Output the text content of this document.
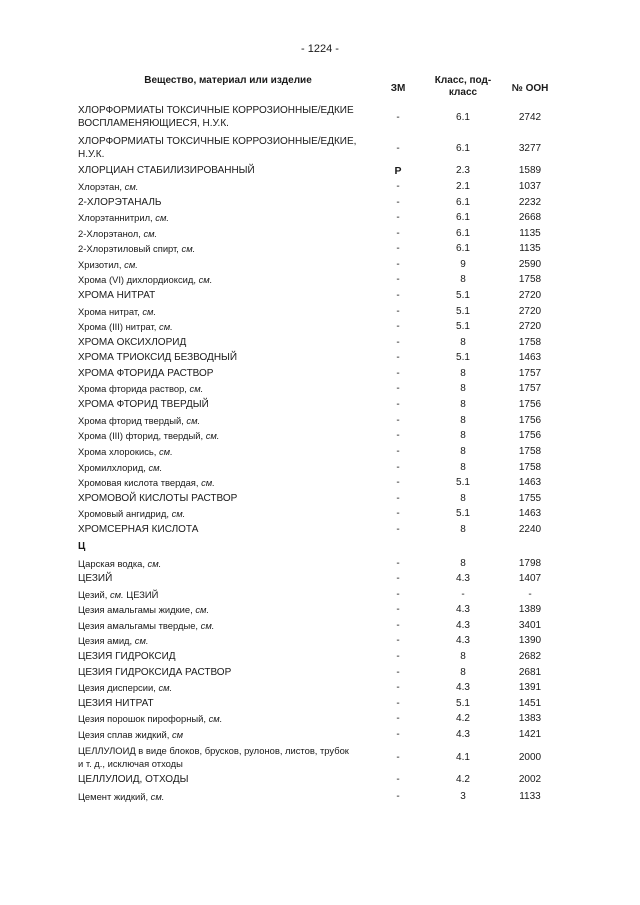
- 1224 -
Вещество, материал или изделие
ЗМ
Класс, под-
класс	№ ООН
Ц
ХЛОРФОРМИАТЫ ТОКСИЧНЫЕ КОРРОЗИОННЫЕ/ЕДКИЕ
ВОСПЛАМЕНЯЮЩИЕСЯ, Н.У.К.
-	6.1	2742
ХЛОРФОРМИАТЫ ТОКСИЧНЫЕ КОРРОЗИОННЫЕ/ЕДКИЕ,
Н.У.К.
-	6.1	3277
ХЛОРЦИАН СТАБИЛИЗИРОВАННЫЙ	Р	2.3	1589
Хлорэтан, см.	-	2.1	1037
2-ХЛОРЭТАНАЛЬ	-	6.1	2232
Хлорэтаннитрил, см.	-	6.1	2668
2-Хлорэтанол, см.	-	6.1	1135
2-Хлорэтиловый спирт, см.	-	6.1	1135
Хризотил, см.	-	9	2590
Хрома (VI) дихлордиоксид, см.	-	8	1758
ХРОМА НИТРАТ	-	5.1	2720
Хрома нитрат, см.	-	5.1	2720
Хрома (III) нитрат, см.	-	5.1	2720
ХРОМА ОКСИХЛОРИД	-	8	1758
ХРОМА ТРИОКСИД БЕЗВОДНЫЙ	-	5.1	1463
ХРОМА ФТОРИДА РАСТВОР	-	8	1757
Хрома фторида раствор, см.	-	8	1757
ХРОМА ФТОРИД ТВЕРДЫЙ	-	8	1756
Хрома фторид твердый, см.	-	8	1756
Хрома (III) фторид, твердый, см.	-	8	1756
Хрома хлорокись, см.	-	8	1758
Хромилхлорид, см.	-	8	1758
Хромовая кислота твердая, см.	-	5.1	1463
ХРОМОВОЙ КИСЛОТЫ РАСТВОР	-	8	1755
Хромовый ангидрид, см.	-	5.1	1463
ХРОМСЕРНАЯ КИСЛОТА	-	8	2240
Царская водка, см.	-	8	1798
ЦЕЗИЙ	-	4.3	1407
Цезий, см. ЦЕЗИЙ	-	-	-
Цезия амальгамы жидкие, см.	-	4.3	1389
Цезия амальгамы твердые, см.	-	4.3	3401
Цезия амид, см.	-	4.3	1390
ЦЕЗИЯ ГИДРОКСИД	-	8	2682
ЦЕЗИЯ ГИДРОКСИДА РАСТВОР	-	8	2681
Цезия дисперсии, см.	-	4.3	1391
ЦЕЗИЯ НИТРАТ	-	5.1	1451
Цезия порошок пирофорный, см.	-	4.2	1383
Цезия сплав жидкий, см	-	4.3	1421
ЦЕЛЛУЛОИД в виде блоков, брусков, рулонов, листов, трубок
и т. д., исключая отходы
-	4.1	2000
ЦЕЛЛУЛОИД, ОТХОДЫ	-	4.2	2002
Цемент жидкий, см.	-	3	1133
